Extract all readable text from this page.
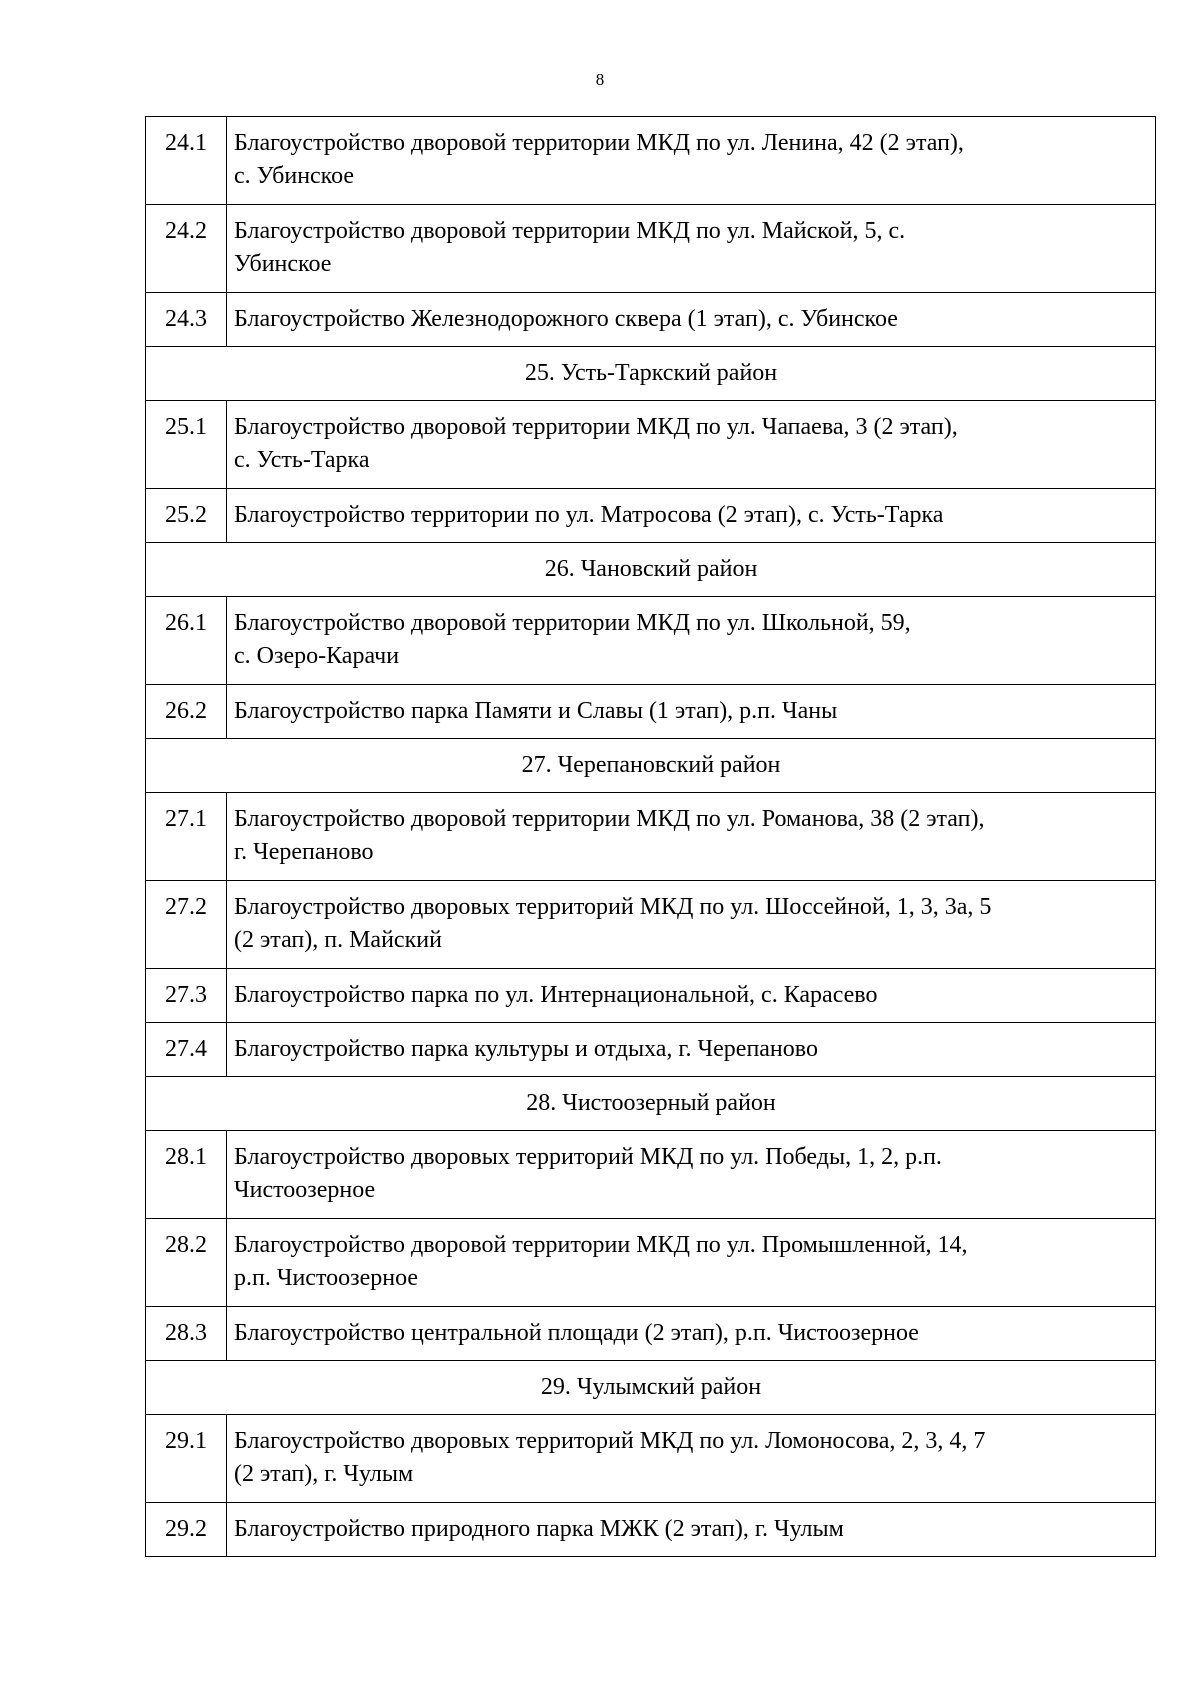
8
24.1	Благоустройство дворовой территории МКД по ул. Ленина, 42 (2 этап),
с. Убинское

24.2	Благоустройство дворовой территории МКД по ул. Майской, 5, с.
Убинское

24.3	Благоустройство Железнодорожного сквера (1 этап), с. Убинское

25. Усть-Таркский район	
25.1	Благоустройство дворовой территории МКД по ул. Чапаева, 3 (2 этап),
с. Усть-Тарка

25.2	Благоустройство территории по ул. Матросова (2 этап), с. Усть-Тарка

26. Чановский район	
26.1	Благоустройство дворовой территории МКД по ул. Школьной, 59,
с. Озеро-Карачи

26.2	Благоустройство парка Памяти и Славы (1 этап), р.п. Чаны

27. Черепановский район	
27.1	Благоустройство дворовой территории МКД по ул. Романова, 38 (2 этап),
г. Черепаново

27.2	Благоустройство дворовых территорий МКД по ул. Шоссейной, 1, 3, 3а, 5
(2 этап), п. Майский

27.3	Благоустройство парка по ул. Интернациональной, с. Карасево

27.4	Благоустройство парка культуры и отдыха, г. Черепаново

28. Чистоозерный район	
28.1	Благоустройство дворовых территорий МКД по ул. Победы, 1, 2, р.п.
Чистоозерное

28.2	Благоустройство дворовой территории МКД по ул. Промышленной, 14,
р.п. Чистоозерное

28.3	Благоустройство центральной площади (2 этап), р.п. Чистоозерное

29. Чулымский район	
29.1	Благоустройство дворовых территорий МКД по ул. Ломоносова, 2, 3, 4, 7
(2 этап), г. Чулым

29.2	Благоустройство природного парка МЖК (2 этап), г. Чулым
